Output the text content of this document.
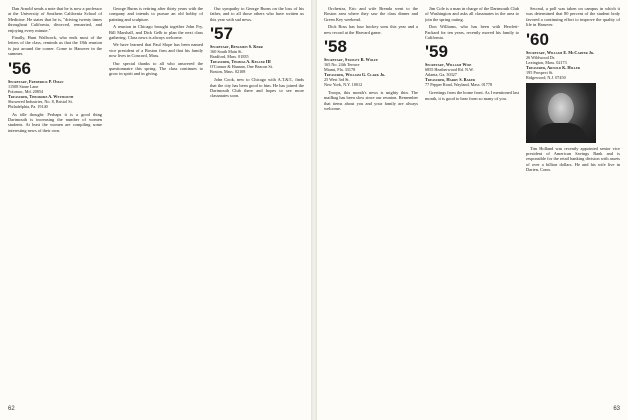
Dan Arnold sends a note that he is now a professor at the University of Southern California School of Medicine. He states that he is, "driving twenty times throughout California, divorced, remarried, and enjoying every minute."

Finally, Hunt Wallwork, who ends most of the letters of the class, reminds us that the 18th reunion is just around the corner. Come to Hanover in the summer.

'56
Secretary, Frederick P. Oman
11508 Stone Lane
Potomac, Md. 20854
Treasurer, Theodore A. Weymouth
Showered Industries, No. 8, Bristol St.
Philadelphia, Pa. 19140

As idle thought: Perhaps it is a good thing Dartmouth is increasing the number of women students. At least the women are compiling some interesting news of their own.

George Burns is retiring after thirty years with the company and intends to pursue an old hobby of painting and sculpture.

A reunion in Chicago brought together John Fry, Bill Marshall, and Dick Gelb to plan the next class gathering. Class news is always welcome.

We have learned that Paul Slope has been named vice president of a Boston firm and that his family now lives in Concord, Mass.

Our special thanks to all who answered the questionnaire this spring. The class continues to grow in spirit and in giving.

Our sympathy to George Burns on the loss of his father, and to all those others who have written us this year with sad news.

'57
Secretary, Benjamin S. Kerr
160 South Main St.
Bradford, Mass. 01835
Treasurer, Thomas A. Keller III
O'Connor & Hannan, One Beacon St.
Boston, Mass. 02108

John Cook, new to Chicago with A.T.&T., finds that the city has been good to him. He has joined the Dartmouth Club there and hopes to see more classmates soon.

62

Orchestra, Eric and wife Brenda went to the Boston area where they saw the class dinner and Green Key weekend.

Dick Ross has four hockey sons this year and a new record at the Harvard game.

'58
Secretary, Stanley R. Wolfe
165 No. 24th Terrace
Miami, Fla. 33178
Treasurer, William G. Clark Jr.
25 West 3rd St.
New York, N.Y. 10012

Troops, this month's news is mighty thin. The mailbag has been slow since our reunion. Remember that items about you and your family are always welcome.

Jim Cole is a man in charge of the Dartmouth Club of Washington and asks all classmates in the area to join the spring outing.

Don Williams, who has been with Hewlett-Packard for ten years, recently moved his family to California.

'59
Secretary, William Wise
6855 Heatherwood Rd. N.W.
Atlanta, Ga. 30327
Treasurer, Harry S. Baker
77 Pepper Road, Wayland, Mass. 01778

Greetings from the home front. As I mentioned last month, it is good to hear from so many of you.

Second, a poll was taken on campus in which it was determined that 80 percent of the student body favored a continuing effort to improve the quality of life in Hanover.

'60
Secretary, William E. McCarter Jr.
26 Wildwood Dr.
Lexington, Mass. 02173
Treasurer, Arnold K. Hiller
195 Prospect St.
Ridgewood, N.J. 07450

Tim Holland was recently appointed senior vice president of American Savings Bank and is responsible for the retail banking division with assets of over a billion dollars. He and his wife live in Darien, Conn.

63
